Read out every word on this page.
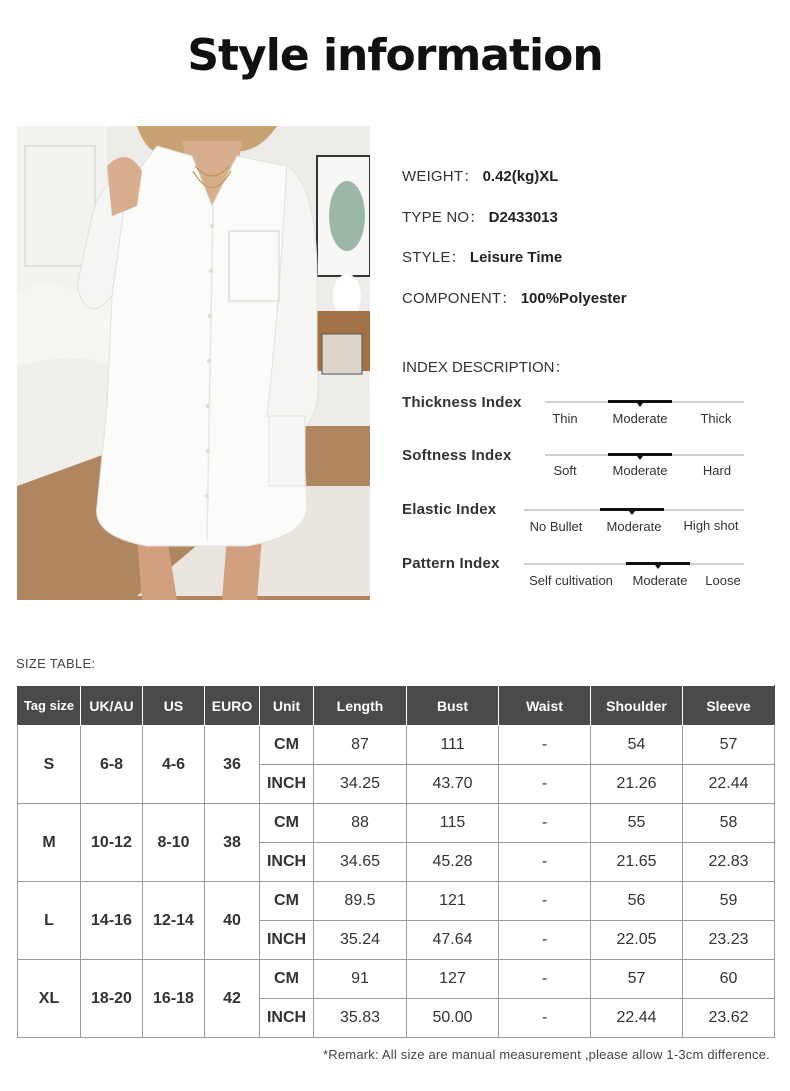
Style information
WEIGHT： 0.42(kg)XL
TYPE NO： D2433013
STYLE： Leisure Time
COMPONENT： 100%Polyester
INDEX DESCRIPTION：
Thickness Index
Thin	Moderate	Thick
Softness Index
Soft	Moderate	Hard
Elastic Index
No Bullet Moderate High shot
Pattern Index
Self cultivation Moderate Loose
SIZE TABLE:
Tag size	UK/AU	US	EURO	Unit	Length	Bust	Waist	Shoulder	Sleeve
S	6-8	4-6	36	CM	87	111	-	54	57
				INCH	34.25	43.70	-	21.26	22.44
M	10-12	8-10	38	CM	88	115	-	55	58
				INCH	34.65	45.28	-	21.65	22.83
L	14-16	12-14	40	CM	89.5	121	-	56	59
				INCH	35.24	47.64	-	22.05	23.23
XL	18-20	16-18	42	CM	91	127	-	57	60
				INCH	35.83	50.00	-	22.44	23.62
*Remark: All size are manual measurement ,please allow 1-3cm difference.
